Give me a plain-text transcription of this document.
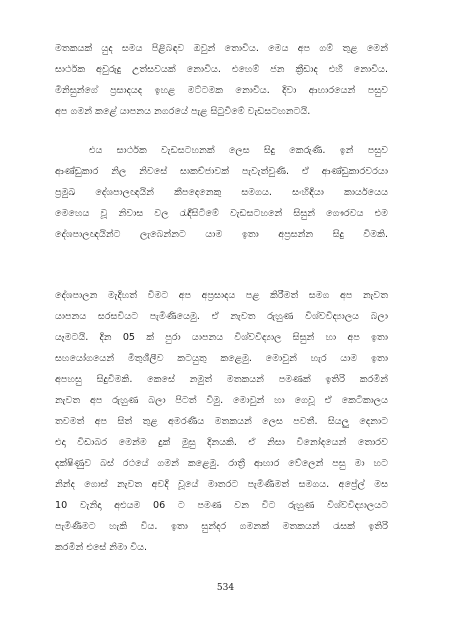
මතකයක් යුද සමය පිළිබඳව ඔවුන් තොවීය. මෙය අප ගම් තුළ මෙන්
සාර්ථක අවුරුදු උත්සවයක් නොවීය. එහෙම් ජන ක්‍රීඩාද එහි නොවීය.
මිනිසුන්ගේ ප්‍රසාදයද ඉහළ මට්ටමක නොවීය. දිවා ආහාරයෙන් පසුව
අප ගමන් කළේ යාපනය නගරයේ පැළ සිටුවීමේ වැඩසටහනටයි.
එය සාර්ථක වැඩසටහනක් ලෙස සිදු කෙරුණි. ඉන් පසුව
ආණ්ඩුකාර නිල නිවසේ සාකච්ජාවක් පැවැත්වුණි. ඒ ආණ්ඩුකාරවරයා
ප්‍රමුඛ දේශපාලඥයින් කීපදෙනෙකු සමගය. සංහිඳියා කාර්යයෙය
මෙහෙය වූ නිවාස වල රැඳීසිටීමේ වැඩසටහනේ සිසුන් ගෞරවය එම
දේශපාලඥයින්ට ලැබෙන්නට යාම ඉතා අප්‍රසන්න සිදු වීමකි.
දේශපාලන මැදිහත් වීමට අප අප්‍රසාදය පළ කිරීමත් සමග අප නැවත
යාපනය සරසවියට පැමිණියෙමු. ඒ නැවත රුහුණ විශ්වවිද්‍යාලය බලා
යෑමටයි. දින 05 ක් පුරා යාපනය විශ්වවිද්‍යාල සිසුන් හා අප ඉතා
සහයෝගයෙන් මිතුශීලීව කටයුතු කළෙමු. මොවුන් හැර යාම ඉතා
අපහසු සිදුවීමකි. කෙසේ නමුත් මතකයන් පමණක් ඉතිරි කරමින්
නැවත අප රුහුණ බලා පිටත් වීමු. මොවුන් හා ගෙවූ ඒ කෙටිකාලය
තවමත් අප සිත් තුළ අමරණීය මතකයන් ලෙස පවතී. සියලු දෙනාට
එදා විඩාබර මෙන්ම දුක් මුසු දිනයකි. ඒ නිසා විනෝදයෙන් තොරව
දක්ෂිණුව බස් රථයේ ගමන් කළෙමු. රාත්‍රී ආහාර වේලෙන් පසු මා හට
නින්ද ගොස් නැවත අවදි වූයේ මාතරට පැමිණීමත් සමගය. අප්‍රේල් මස
10 වැනිදා අළුයම 06 ට පමණ වන විට රුහුණ විශ්වවිද්‍යාලයට
පැමිණීමට හැකි විය. ඉතා සුන්දර ගමනක් මතකයන් රැසක් ඉතිරි
කරමින් එසේ නිමා විය.
534
